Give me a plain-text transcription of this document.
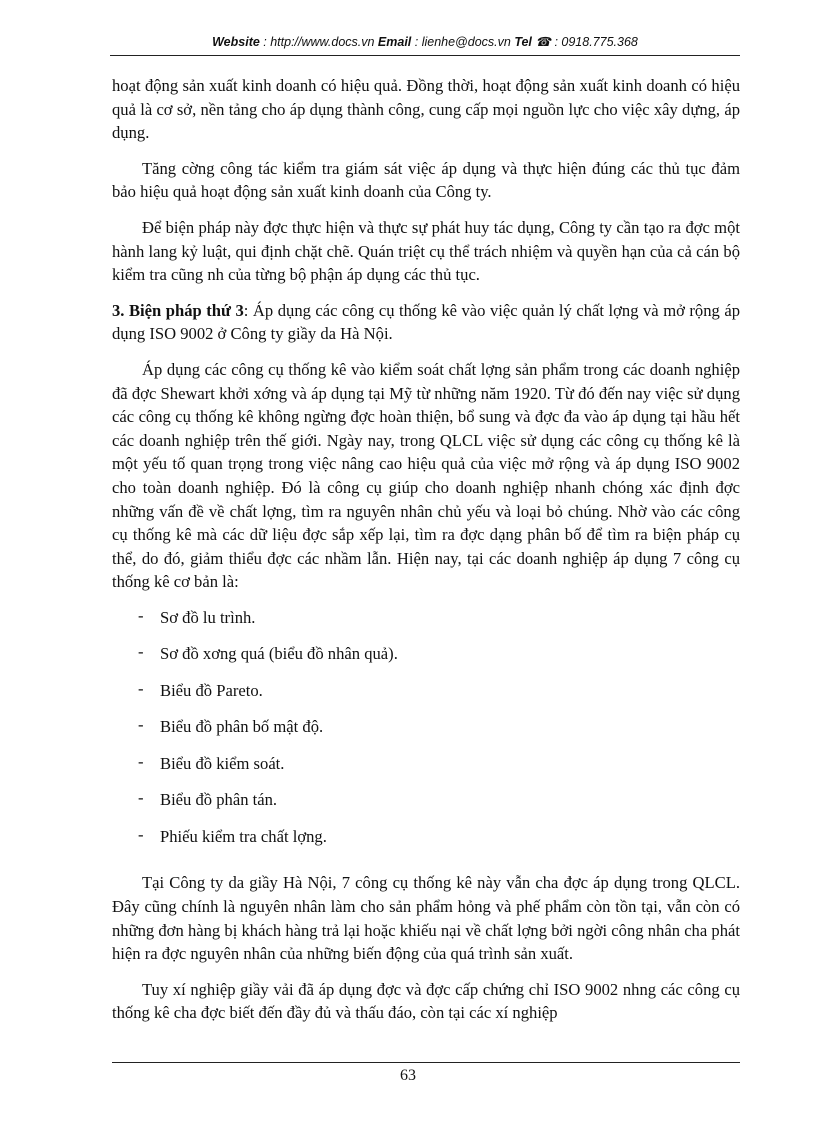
Website : http://www.docs.vn Email : lienhe@docs.vn Tel ☎ : 0918.775.368

hoạt động sản xuất kinh doanh có hiệu quả. Đồng thời, hoạt động sản xuất kinh doanh có hiệu quả là cơ sở, nền tảng cho áp dụng thành công, cung cấp mọi nguồn lực cho việc xây dựng, áp dụng.

Tăng cờng công tác kiểm tra giám sát việc áp dụng và thực hiện đúng các thủ tục đảm bảo hiệu quả hoạt động sản xuất kinh doanh của Công ty.

Để biện pháp này đợc thực hiện và thực sự phát huy tác dụng, Công ty cần tạo ra đợc một hành lang kỷ luật, qui định chặt chẽ. Quán triệt cụ thể trách nhiệm và quyền hạn của cả cán bộ kiểm tra cũng nh của từng bộ phận áp dụng các thủ tục.

3. Biện pháp thứ 3: Áp dụng các công cụ thống kê vào việc quản lý chất lợng và mở rộng áp dụng ISO 9002 ở Công ty giầy da Hà Nội.

Áp dụng các công cụ thống kê vào kiểm soát chất lợng sản phẩm trong các doanh nghiệp đã đợc Shewart khởi xớng và áp dụng tại Mỹ từ những năm 1920. Từ đó đến nay việc sử dụng các công cụ thống kê không ngừng đợc hoàn thiện, bổ sung và đợc đa vào áp dụng tại hầu hết các doanh nghiệp trên thế giới. Ngày nay, trong QLCL việc sử dụng các công cụ thống kê là một yếu tố quan trọng trong việc nâng cao hiệu quả của việc mở rộng và áp dụng ISO 9002 cho toàn doanh nghiệp. Đó là công cụ giúp cho doanh nghiệp nhanh chóng xác định đợc những vấn đề về chất lợng, tìm ra nguyên nhân chủ yếu và loại bỏ chúng. Nhờ vào các công cụ thống kê mà các dữ liệu đợc sắp xếp lại, tìm ra đợc dạng phân bố để tìm ra biện pháp cụ thể, do đó, giảm thiểu đợc các nhầm lẫn. Hiện nay, tại các doanh nghiệp áp dụng 7 công cụ thống kê cơ bản là:

- Sơ đồ lu trình.
- Sơ đồ xơng quá (biểu đồ nhân quả).
- Biểu đồ Pareto.
- Biểu đồ phân bố mật độ.
- Biểu đồ kiểm soát.
- Biểu đồ phân tán.
- Phiếu kiểm tra chất lợng.

Tại Công ty da giầy Hà Nội, 7 công cụ thống kê này vẫn cha đợc áp dụng trong QLCL. Đây cũng chính là nguyên nhân làm cho sản phẩm hỏng và phế phẩm còn tồn tại, vẫn còn có những đơn hàng bị khách hàng trả lại hoặc khiếu nại về chất lợng bởi ngời công nhân cha phát hiện ra đợc nguyên nhân của những biến động của quá trình sản xuất.

Tuy xí nghiệp giầy vải đã áp dụng đợc và đợc cấp chứng chỉ ISO 9002 nhng các công cụ thống kê cha đợc biết đến đầy đủ và thấu đáo, còn tại các xí nghiệp

63
